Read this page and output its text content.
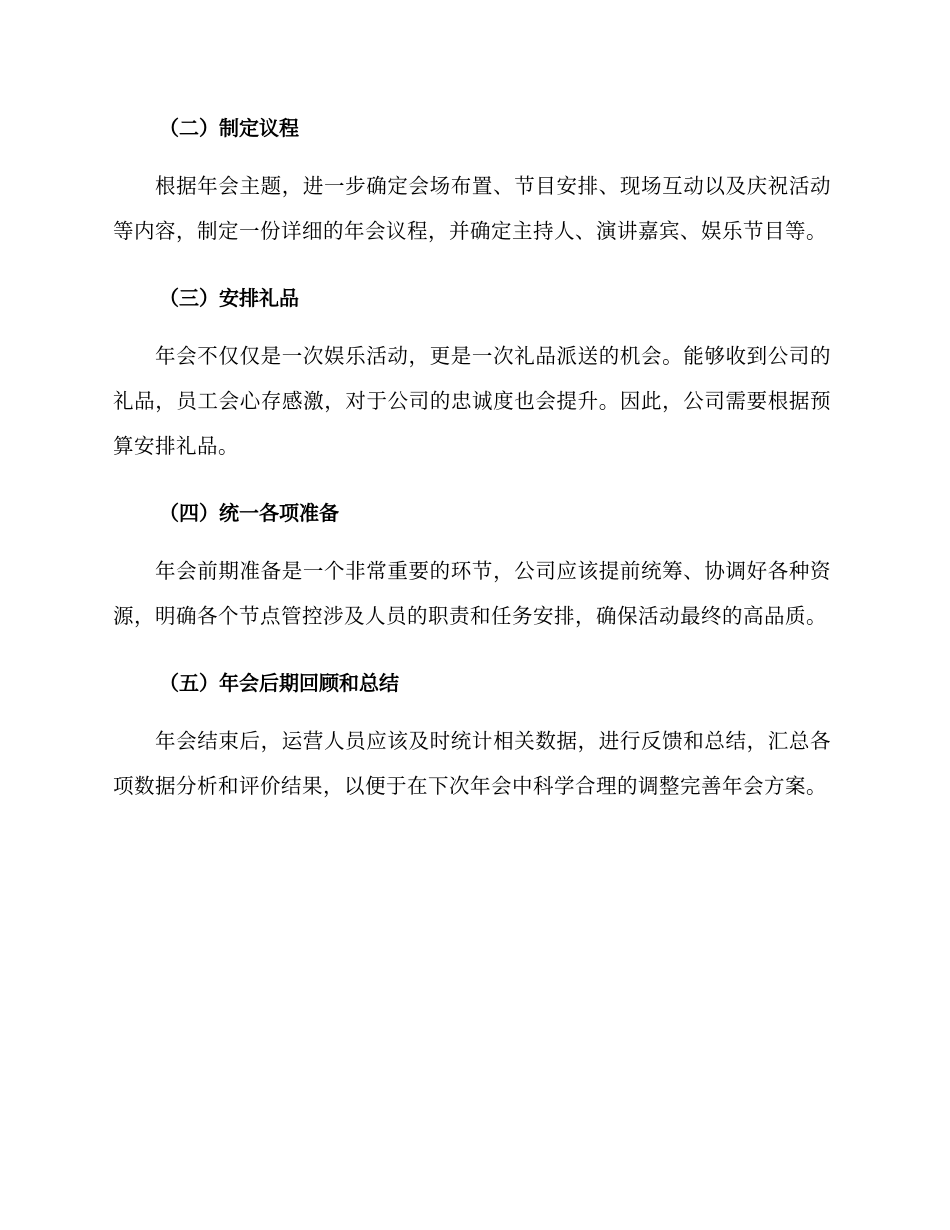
（二）制定议程

根据年会主题，进一步确定会场布置、节目安排、现场互动以及庆祝活动等内容，制定一份详细的年会议程，并确定主持人、演讲嘉宾、娱乐节目等。

（三）安排礼品

年会不仅仅是一次娱乐活动，更是一次礼品派送的机会。能够收到公司的礼品，员工会心存感激，对于公司的忠诚度也会提升。因此，公司需要根据预算安排礼品。

（四）统一各项准备

年会前期准备是一个非常重要的环节，公司应该提前统筹、协调好各种资源，明确各个节点管控涉及人员的职责和任务安排，确保活动最终的高品质。

（五）年会后期回顾和总结

年会结束后，运营人员应该及时统计相关数据，进行反馈和总结，汇总各项数据分析和评价结果，以便于在下次年会中科学合理的调整完善年会方案。
